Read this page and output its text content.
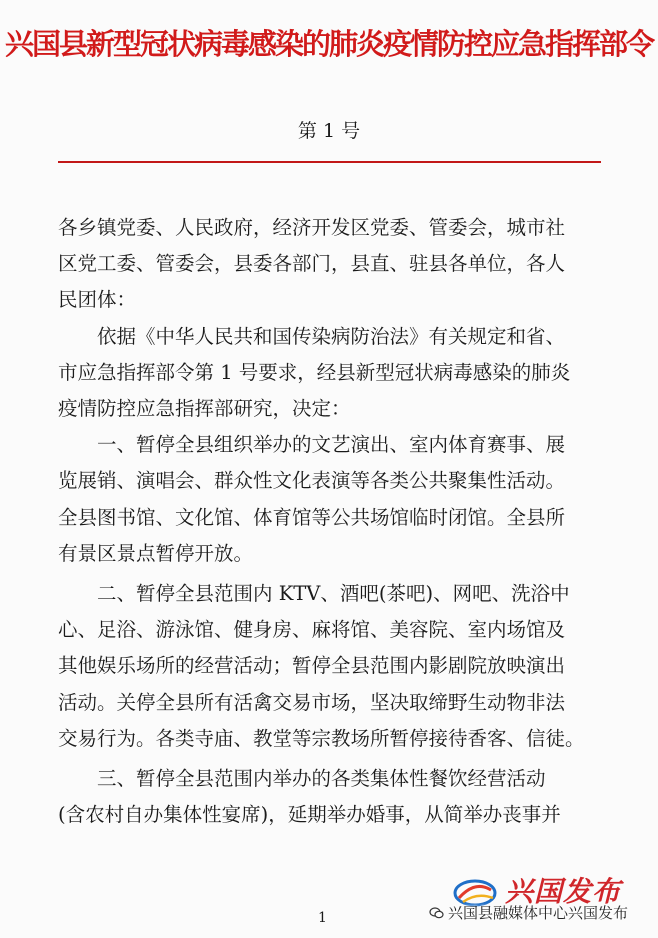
兴国县新型冠状病毒感染的肺炎疫情防控应急指挥部令
第 1 号

各乡镇党委、人民政府，经济开发区党委、管委会，城市社

区党工委、管委会，县委各部门，县直、驻县各单位，各人

民团体：

依据《中华人民共和国传染病防治法》有关规定和省、

市应急指挥部令第 1 号要求，经县新型冠状病毒感染的肺炎

疫情防控应急指挥部研究，决定：

一、暂停全县组织举办的文艺演出、室内体育赛事、展

览展销、演唱会、群众性文化表演等各类公共聚集性活动。

全县图书馆、文化馆、体育馆等公共场馆临时闭馆。全县所

有景区景点暂停开放。

二、暂停全县范围内 KTV、酒吧(茶吧)、网吧、洗浴中

心、足浴、游泳馆、健身房、麻将馆、美容院、室内场馆及

其他娱乐场所的经营活动；暂停全县范围内影剧院放映演出

活动。关停全县所有活禽交易市场，坚决取缔野生动物非法

交易行为。各类寺庙、教堂等宗教场所暂停接待香客、信徒。

三、暂停全县范围内举办的各类集体性餐饮经营活动

(含农村自办集体性宴席)，延期举办婚事，从简举办丧事并

1
兴国发布
兴国县融媒体中心兴国发布
